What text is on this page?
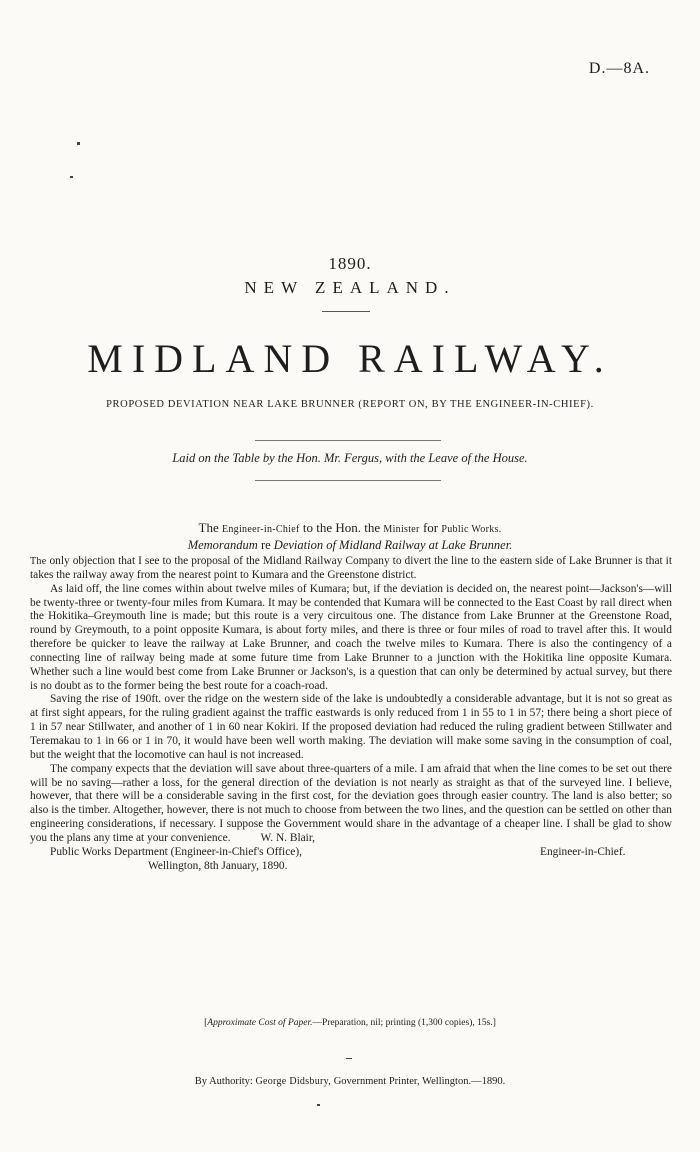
D.—8A.
1890.
NEW ZEALAND.
MIDLAND RAILWAY.
PROPOSED DEVIATION NEAR LAKE BRUNNER (REPORT ON, BY THE ENGINEER-IN-CHIEF).
Laid on the Table by the Hon. Mr. Fergus, with the Leave of the House.
The Engineer-in-Chief to the Hon. the Minister for Public Works.
Memorandum re Deviation of Midland Railway at Lake Brunner.

The only objection that I see to the proposal of the Midland Railway Company to divert the line to the eastern side of Lake Brunner is that it takes the railway away from the nearest point to Kumara and the Greenstone district.

As laid off, the line comes within about twelve miles of Kumara; but, if the deviation is decided on, the nearest point—Jackson's—will be twenty-three or twenty-four miles from Kumara. It may be contended that Kumara will be connected to the East Coast by rail direct when the Hokitika–Greymouth line is made; but this route is a very circuitous one. The distance from Lake Brunner at the Greenstone Road, round by Greymouth, to a point opposite Kumara, is about forty miles, and there is three or four miles of road to travel after this. It would therefore be quicker to leave the railway at Lake Brunner, and coach the twelve miles to Kumara. There is also the contingency of a connecting line of railway being made at some future time from Lake Brunner to a junction with the Hokitika line opposite Kumara. Whether such a line would best come from Lake Brunner or Jackson's, is a question that can only be determined by actual survey, but there is no doubt as to the former being the best route for a coach-road.

Saving the rise of 190ft. over the ridge on the western side of the lake is undoubtedly a considerable advantage, but it is not so great as at first sight appears, for the ruling gradient against the traffic eastwards is only reduced from 1 in 55 to 1 in 57; there being a short piece of 1 in 57 near Stillwater, and another of 1 in 60 near Kokiri. If the proposed deviation had reduced the ruling gradient between Stillwater and Teremakau to 1 in 66 or 1 in 70, it would have been well worth making. The deviation will make some saving in the consumption of coal, but the weight that the locomotive can haul is not increased.

The company expects that the deviation will save about three-quarters of a mile. I am afraid that when the line comes to be set out there will be no saving—rather a loss, for the general direction of the deviation is not nearly as straight as that of the surveyed line. I believe, however, that there will be a considerable saving in the first cost, for the deviation goes through easier country. The land is also better; so also is the timber. Altogether, however, there is not much to choose from between the two lines, and the question can be settled on other than engineering considerations, if necessary. I suppose the Government would share in the advantage of a cheaper line. I shall be glad to show you the plans any time at your convenience.	W. N. Blair,

Public Works Department (Engineer-in-Chief's Office),	Engineer-in-Chief.
Wellington, 8th January, 1890.
[Approximate Cost of Paper.—Preparation, nil; printing (1,300 copies), 15s.]
By Authority: George Didsbury, Government Printer, Wellington.—1890.
